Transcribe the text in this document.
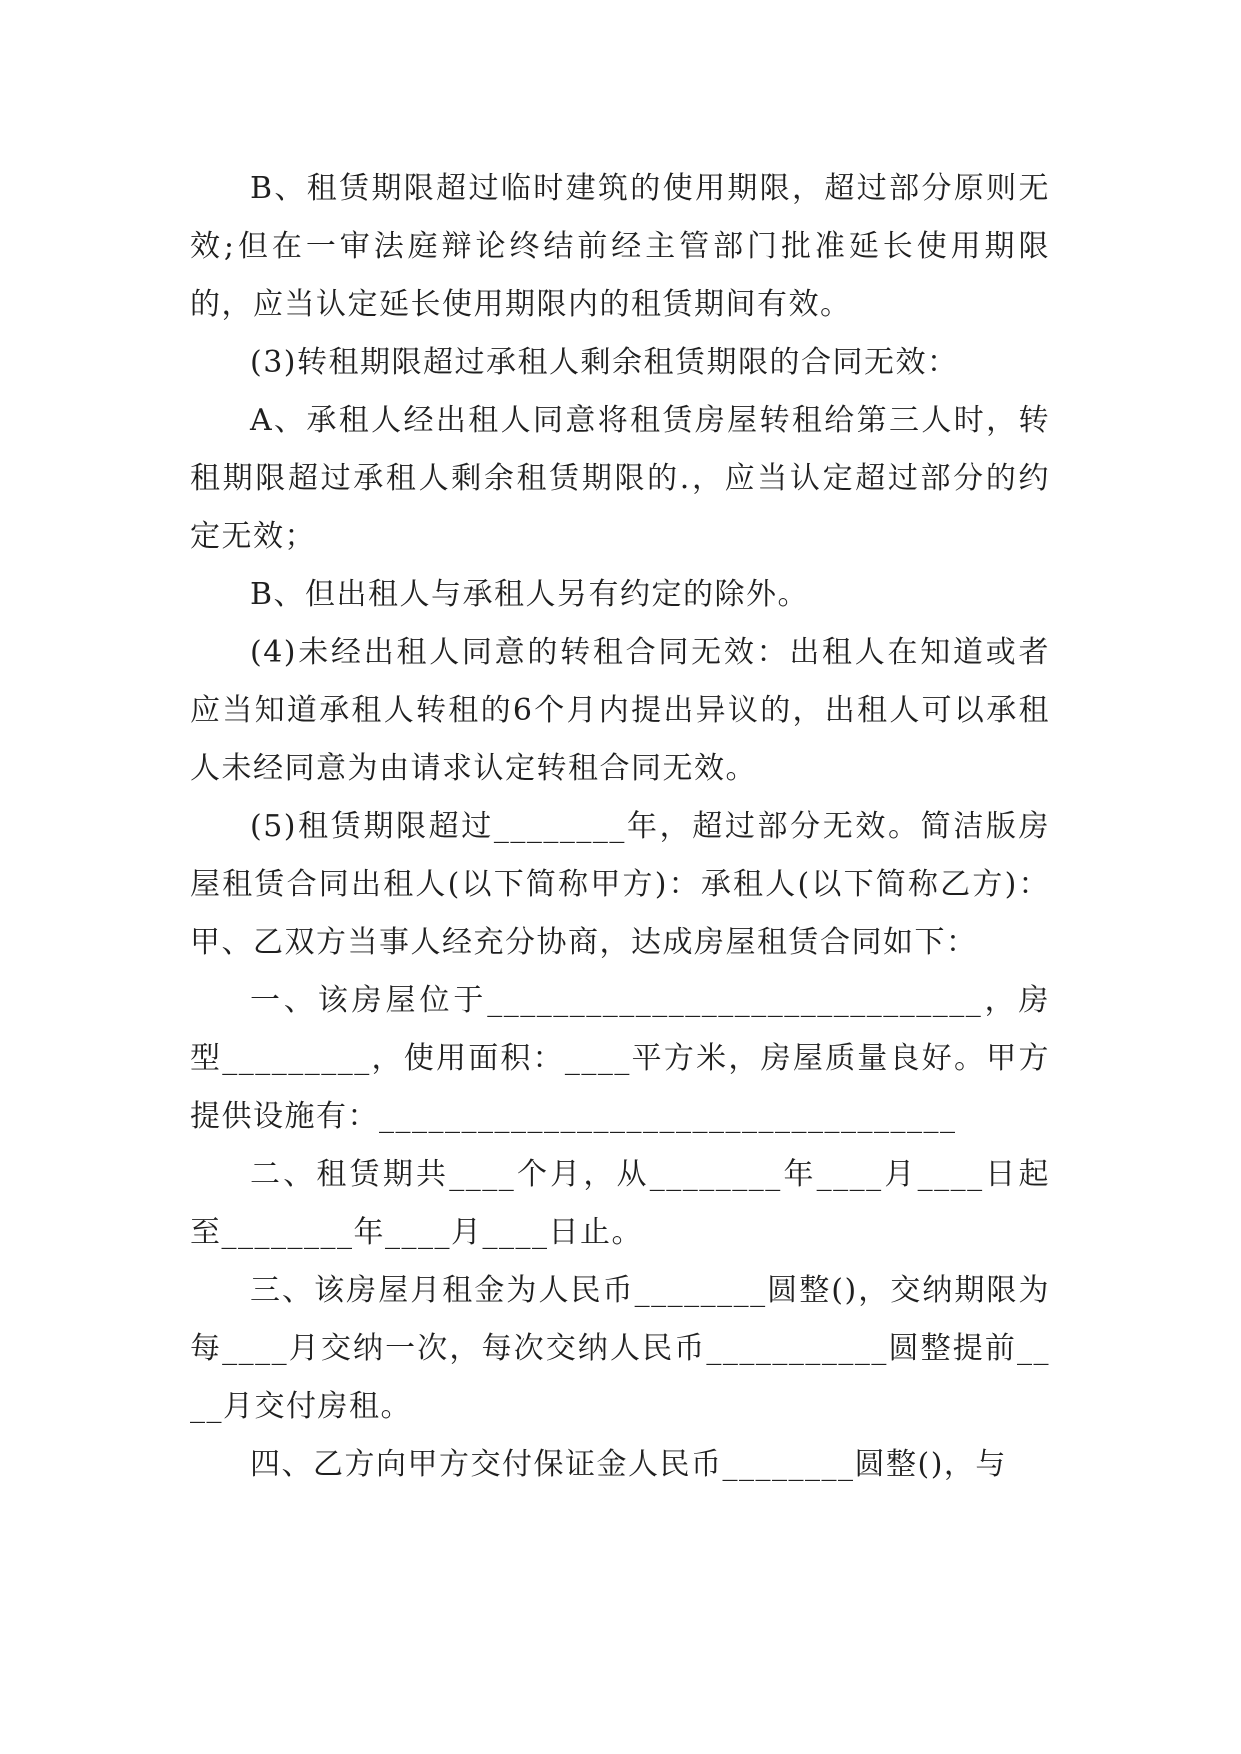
B、租赁期限超过临时建筑的使用期限，超过部分原则无效;但在一审法庭辩论终结前经主管部门批准延长使用期限的，应当认定延长使用期限内的租赁期间有效。

(3)转租期限超过承租人剩余租赁期限的合同无效：

A、承租人经出租人同意将租赁房屋转租给第三人时，转租期限超过承租人剩余租赁期限的.，应当认定超过部分的约定无效；

B、但出租人与承租人另有约定的除外。

(4)未经出租人同意的转租合同无效：出租人在知道或者应当知道承租人转租的6个月内提出异议的，出租人可以承租人未经同意为由请求认定转租合同无效。

(5)租赁期限超过________年，超过部分无效。简洁版房屋租赁合同出租人(以下简称甲方)：承租人(以下简称乙方)：甲、乙双方当事人经充分协商，达成房屋租赁合同如下：

一、该房屋位于______________________________，房型_________，使用面积：____平方米，房屋质量良好。甲方提供设施有：___________________________________

二、租赁期共____个月，从________年____月____日起至________年____月____日止。

三、该房屋月租金为人民币________圆整()，交纳期限为每____月交纳一次，每次交纳人民币___________圆整提前____月交付房租。

四、乙方向甲方交付保证金人民币________圆整()，与
